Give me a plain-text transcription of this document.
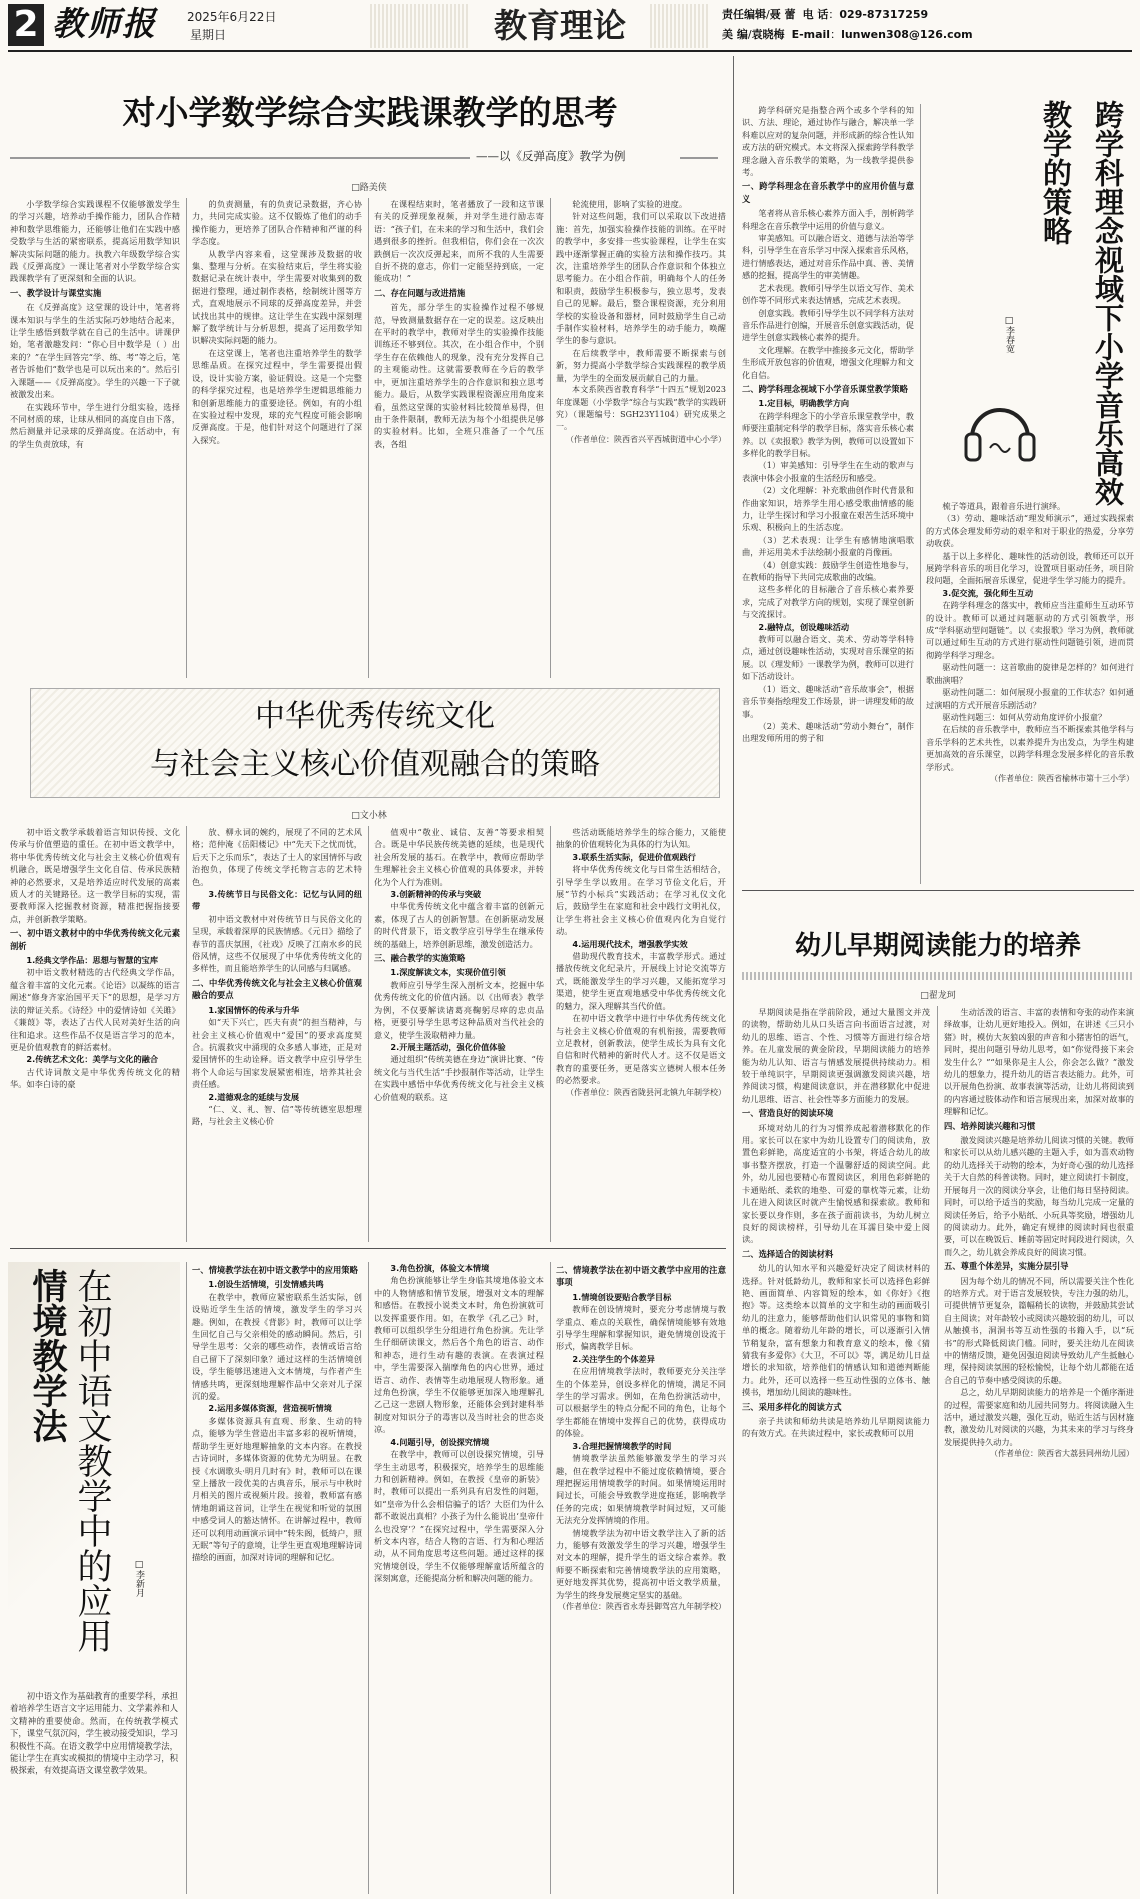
2 教师报	2025年6月22日
星期日	教育理论	责任编辑/聂 蕾 电 话：029-87317259
美 编/袁晓梅 E-mail：lunwen308@126.com
对小学数学综合实践课教学的思考
——以《反弹高度》教学为例
□路美侠

小学数学综合实践课程不仅能够激发学生的学习兴趣，培养动手操作能力，团队合作精神和数学思维能力，还能够让他们在实践中感受数学与生活的紧密联系，提高运用数学知识解决实际问题的能力。执教六年级数学综合实践《反弹高度》一课让笔者对小学数学综合实践课教学有了更深刻和全面的认识。

一、教学设计与课堂实施

在《反弹高度》这堂课的设计中，笔者将课本知识与学生的生活实际巧妙地结合起来，让学生感悟到数学就在自己的生活中。讲课伊始，笔者激趣发问：“你心目中数学是（ ）出来的？”在学生回答完“学、练、考”等之后，笔者告诉他们“数学也是可以玩出来的”。然后引入课题——《反弹高度》。学生的兴趣一下子就被激发出来。

在实践环节中，学生进行分组实验，选择不同材质的球，让球从相同的高度自由下落，然后测量并记录球的反弹高度。在活动中，有的学生负责放球，有

的负责测量，有的负责记录数据，齐心协力，共同完成实验。这不仅锻炼了他们的动手操作能力，更培养了团队合作精神和严谨的科学态度。

从教学内容来看，这堂课涉及数据的收集、整理与分析。在实验结束后，学生将实验数据记录在统计表中，学生需要对收集到的数据进行整理，通过制作表格，绘制统计图等方式，直观地展示不同球的反弹高度差异，并尝试找出其中的规律。这让学生在实践中深刻理解了数学统计与分析思想，提高了运用数学知识解决实际问题的能力。

在这堂课上，笔者也注重培养学生的数学思维品质。在探究过程中，学生需要提出假设，设计实验方案，验证假设。这是一个完整的科学探究过程，也是培养学生逻辑思维能力和创新思维能力的重要途径。例如，有的小组在实验过程中发现，球的充气程度可能会影响反弹高度。于是，他们针对这个问题进行了深入探究。

在课程结束时，笔者播放了一段和这节课有关的反弹现象视频，并对学生进行励志寄语：“孩子们，在未来的学习和生活中，我们会遇到很多的挫折。但我相信，你们会在一次次跌倒后一次次反弹起来，而所不我的人生需要自折不挠的意志，你们一定能坚持到底，一定能成功！”

二、存在问题与改进措施

首先，部分学生的实验操作过程不够规范，导致测量数据存在一定的误差。这反映出在平时的教学中，教师对学生的实验操作技能训练还不够到位。其次，在小组合作中，个别学生存在依赖他人的现象，没有充分发挥自己的主观能动性。这就需要教师在今后的教学中，更加注重培养学生的合作意识和独立思考能力。最后，从数学实践课程资源应用角度来看，虽然这堂课的实验材料比较简单易得，但由于条件限制，教师无法为每个小组提供足够的实验材料。比如，全班只准备了一个气压表，各组

轮流使用，影响了实验的进度。

针对这些问题，我们可以采取以下改进措施：首先，加强实验操作技能的训练。在平时的教学中，多安排一些实验课程，让学生在实践中逐渐掌握正确的实验方法和操作技巧。其次，注重培养学生的团队合作意识和个体独立思考能力。在小组合作前，明确每个人的任务和职责，鼓励学生积极参与，独立思考，发表自己的见解。最后，整合课程资源，充分利用学校的实验设备和器材，同时鼓励学生自己动手制作实验材料，培养学生的动手能力，唤醒学生的参与意识。

在后续教学中，教师需要不断探索与创新，努力提高小学数学综合实践课程的教学质量，为学生的全面发展贡献自己的力量。

本文系陕西省教育科学“十四五”规划2023年度课题（小学数学“综合与实践”教学的实践研究）（课题编号：SGH23Y1104）研究成果之一。

（作者单位：陕西省兴平西城街道中心小学）

中华优秀传统文化
与社会主义核心价值观融合的策略
□文小林

初中语文教学承载着语言知识传授、文化传承与价值塑造的重任。在初中语文教学中，将中华优秀传统文化与社会主义核心价值观有机融合，既是增强学生文化自信、传承民族精神的必然要求，又是培养适应时代发展的高素质人才的关键路径。这一教学目标的实现，需要教师深入挖掘教材资源，精准把握指接要点，并创新教学策略。

一、初中语文教材中的中华优秀传统文化元素剖析

1.经典文学作品：思想与智慧的宝库

初中语文教材精选的古代经典文学作品，蕴含着丰富的文化元素。《论语》以凝练的语言阐述“修身齐家治国平天下”的思想，是学习方法的辩证关系。《诗经》中的爱情诗如《关雎》《蒹葭》等，表达了古代人民对美好生活的向往和追求。这些作品不仅是语言学习的范本，更是价值观教育的鲜活素材。

2.传统艺术文化：美学与文化的融合

古代诗词散文是中华优秀传统文化的精华。如李白诗的豪

放、柳永词的婉约，展现了不同的艺术风格；范仲淹《岳阳楼记》中“先天下之忧而忧，后天下之乐而乐”，表达了士人的家国情怀与政治抱负，体现了传统文学托物言志的艺术特色。

3.传统节日与民俗文化：记忆与认同的纽带

初中语文教材中对传统节日与民俗文化的呈现，承载着深厚的民族情感。《元日》描绘了春节的喜庆氛围，《社戏》反映了江南水乡的民俗风情，这些不仅展现了中华优秀传统文化的多样性，而且能培养学生的认同感与归属感。

二、中华优秀传统文化与社会主义核心价值观融合的要点

1.家国情怀的传承与升华

如“天下兴亡，匹夫有责”的担当精神，与社会主义核心价值观中“爱国”的要求高度契合。抗震救灾中涌现的众多感人事迹，正是对爱国情怀的生动诠释。语文教学中应引导学生将个人命运与国家发展紧密相连，培养其社会责任感。

2.道德观念的延续与发展

“仁、义、礼、智、信”等传统德室思想理路，与社会主义核心价

值观中“敬业、诚信、友善”等要求相契合。既是中华民族传统美德的延续，也是现代社会所发展的基石。在教学中，教师应帮助学生理解社会主义核心价值观的具体要求，并转化为个人行为准则。

3.创新精神的传承与突破

中华优秀传统文化中蕴含着丰富的创新元素，体现了古人的创新智慧。在创新驱动发展的时代背景下，语文教学应引导学生在继承传统的基础上，培养创新思维，激发创造活力。

三、融合教学的实施策略

1.深度解读文本，实现价值引领

教师应引导学生深入剖析文本，挖掘中华优秀传统文化的价值内涵。以《出师表》教学为例，不仅要解读诸葛亮鞠躬尽瘁的忠贞品格，更要引导学生思考这种品质对当代社会的意义，使学生汲取精神力量。

2.开展主题活动，强化价值体验

通过组织“传统美德在身边”演讲比赛、“传统文化与当代生活”手抄报制作等活动，让学生在实践中感悟中华优秀传统文化与社会主义核心价值观的联系。这

些活动既能培养学生的综合能力，又能使抽象的价值观转化为具体的行为认知。

3.联系生活实际，促进价值观践行

将中华优秀传统文化与日常生活相结合，引导学生学以致用。在学习节俭文化后，开展“节约小标兵”实践活动；在学习礼仪文化后，鼓励学生在家庭和社会中践行文明礼仪，让学生将社会主义核心价值观内化为自觉行动。

4.运用现代技术，增强教学实效

借助现代教育技术，丰富教学形式。通过播放传统文化纪录片，开展线上讨论交流等方式，既能激发学生的学习兴趣，又能拓宽学习渠道，使学生更直观地感受中华优秀传统文化的魅力，深入理解其当代价值。

在初中语文教学中进行中华优秀传统文化与社会主义核心价值观的有机衔接，需要教师立足教材，创新教法，使学生成长为具有文化自信和时代精神的新时代人才。这不仅是语文教育的重要任务，更是落实立德树人根本任务的必然要求。

（作者单位：陕西省陇县河北镇九年制学校）

情境教学法 在初中语文教学中的应用	□李新月

初中语文作为基础教育的重要学科，承担着培养学生语言文字运用能力、文学素养和人文精神的重要使命。然而，在传统教学模式下，课堂气氛沉闷，学生被动接受知识，学习积极性不高。在语文教学中应用情境教学法，能让学生在真实或模拟的情境中主动学习，积极探索，有效提高语文课堂教学效果。

一、情境教学法在初中语文教学中的应用策略

1.创设生活情境，引发情感共鸣

在教学中，教师应紧密联系生活实际，创设贴近学生生活的情境，激发学生的学习兴趣。例如，在教授《背影》时，教师可以让学生回忆自己与父亲相处的感动瞬间。然后，引导学生思考：父亲的哪些动作，表情或语言给自己留下了深刻印象？通过这样的生活情境创设，学生能够迅速进入文本情境，与作者产生情感共鸣，更深刻地理解作品中父亲对儿子深沉的爱。

2.运用多媒体资源，营造视听情境

多媒体资源具有直观、形象、生动的特点，能够为学生营造出丰富多彩的视听情境，帮助学生更好地理解抽象的文本内容。在教授古诗词时，多媒体资源的优势尤为明显。在教授《水调歌头·明月几时有》时，教师可以在课堂上播放一段优美的古典音乐，展示与中秋时月相关的图片或视频片段。接着，教师富有感情地朗诵这首词，让学生在视觉和听觉的氛围中感受词人的豁达情怀。在讲解过程中，教师还可以利用动画演示词中“转朱阁，低绮户，照无眠”等句子的意境，让学生更直观地理解诗词描绘的画面，加深对诗词的理解和记忆。

3.角色扮演，体验文本情境

角色扮演能够让学生身临其境地体验文本中的人物情感和情节发展，增强对文本的理解和感悟。在教授小说类文本时，角色扮演就可以发挥重要作用。如，在教学《孔乙己》时，教师可以组织学生分组进行角色扮演。先让学生仔细研读课文，然后各个角色的语言、动作和神态，进行生动有趣的表演。在表演过程中，学生需要深入揣摩角色的内心世界，通过语言、动作、表情等生动地展现人物形象。通过角色扮演，学生不仅能够更加深入地理解孔乙己这一悲剧人物形象，还能体会到封建科举制度对知识分子的毒害以及当时社会的世态炎凉。

4.问题引导，创设探究情境

在教学中，教师可以创设探究情境，引导学生主动思考，积极探究，培养学生的思维能力和创新精神。例如，在教授《皇帝的新装》时，教师可以提出一系列具有启发性的问题，如“皇帝为什么会相信骗子的话？大臣们为什么都不敢说出真相？小孩子为什么能说出‘皇帝什么也没穿’？”在探究过程中，学生需要深入分析文本内容，结合人物的言语、行为和心理活动，从不同角度思考这些问题。通过这样的探究情境创设，学生不仅能够理解童话所蕴含的深刻寓意，还能提高分析和解决问题的能力。

二、情境教学法在初中语文教学中应用的注意事项

1.情境创设要贴合教学目标

教师在创设情境时，要充分考虑情境与教学重点、难点的关联性，确保情境能够有效地引导学生理解和掌握知识，避免情境创设流于形式，偏离教学目标。

2.关注学生的个体差异

在应用情境教学法时，教师要充分关注学生的个体差异，创设多样化的情境，满足不同学生的学习需求。例如，在角色扮演活动中，可以根据学生的特点分配不同的角色，让每个学生都能在情境中发挥自己的优势，获得成功的体验。

3.合理把握情境教学的时间

情境教学法虽然能够激发学生的学习兴趣，但在教学过程中不能过度依赖情境，要合理把握运用情境教学的时间。如果情境运用时间过长，可能会导致教学进度拖延，影响教学任务的完成；如果情境教学时间过短，又可能无法充分发挥情境的作用。

情境教学法为初中语文教学注入了新的活力，能够有效激发学生的学习兴趣，增强学生对文本的理解，提升学生的语文综合素养。教师要不断探索和完善情境教学法的应用策略，更好地发挥其优势，提高初中语文教学质量，为学生的终身发展奠定坚实的基础。

（作者单位：陕西省永寿县御驾宫九年制学校）

跨学科研究是指整合两个或多个学科的知识、方法、理论，通过协作与融合，解决单一学科难以应对的复杂问题，并形成新的综合性认知或方法的研究模式。本文将深入探索跨学科教学理念融入音乐教学的策略，为一线教学提供参考。

一、跨学科理念在音乐教学中的应用价值与意义

笔者将从音乐核心素养方面入手，剖析跨学科理念在音乐教学中运用的价值与意义。

审美感知。可以融合语文、道德与法治等学科，引导学生在音乐学习中深入探索音乐风格，进行情感表达，通过对音乐作品中真、善、美情感的挖掘，提高学生的审美情趣。

艺术表现。教师引导学生以语文写作、美术创作等不同形式来表达情感，完成艺术表现。

创意实践。教师引导学生以不同学科方法对音乐作品进行创编，开展音乐创意实践活动，促进学生创意实践核心素养的提升。

文化理解。在教学中推接多元文化，帮助学生形成开放包容的价值观，增强文化理解力和文化自信。

二、跨学科理念视域下小学音乐课堂教学策略

1.定目标，明确教学方向

在跨学科理念下的小学音乐课堂教学中，教师要注重制定科学的教学目标，落实音乐核心素养。以《卖报歌》教学为例，教师可以设置如下多样化的教学目标。

（1）审美感知：引导学生在生动的歌声与表演中体会小报童的生活经历和感受。

（2）文化理解：补充歌曲创作时代背景和作曲家知识，培养学生用心感受歌曲情感的能力，让学生探讨和学习小报童在艰苦生活环境中乐观、积极向上的生活态度。

（3）艺术表现：让学生有感情地演唱歌曲，并运用美术手法绘制小报童的肖像画。

（4）创意实践：鼓励学生创造性地参与，在教师的指导下共同完成歌曲的改编。

这些多样化的目标融合了音乐核心素养要求，完成了对教学方向的规划，实现了课堂创新与交流探讨。

2.融特点，创设趣味活动

教师可以融合语文、美术、劳动等学科特点，通过创设趣味性活动，实现对音乐课堂的拓展。以《理发师》一课教学为例，教师可以进行如下活动设计。

（1）语文、趣味活动“音乐故事会”，根据音乐节奏指绘理发工作场景，讲一讲理发师的故事。

（2）美术、趣味活动“劳动小舞台”，制作出理发师所用的剪子和

跨学科理念视域下小学音乐高效教学的策略
□李春宽

梳子等道具，跟着音乐进行演绎。

（3）劳动、趣味活动“理发师演示”，通过实践探索的方式体会理发师劳动的艰辛和对于职业的热爱，分享劳动收获。

基于以上多样化、趣味性的活动创设，教师还可以开展跨学科音乐的项目化学习，设置项目驱动任务，项目阶段问题，全面拓展音乐课堂，促进学生学习能力的提升。

3.促交流，强化师生互动

在跨学科理念的落实中，教师应当注重师生互动环节的设计。教师可以通过问题驱动的方式引领教学，形成“学科驱动型问题链”。以《卖报歌》学习为例，教师就可以通过师生互动的方式进行驱动性问题链引领，进而贯彻跨学科学习理念。

驱动性问题一：这首歌曲的旋律是怎样的？如何进行歌曲演唱？

驱动性问题二：如何展现小报童的工作状态？如何通过演唱的方式开展音乐剧活动？

驱动性问题三：如何从劳动角度评价小报童？

在后续的音乐教学中，教师应当不断探索其他学科与音乐学科的艺术共性，以素养提升为出发点，为学生构建更加高效的音乐课堂，以跨学科理念发展多样化的音乐教学形式。

（作者单位：陕西省榆林市第十三小学）

幼儿早期阅读能力的培养
□翟龙珂

早期阅读是指在学前阶段，通过大量图文并茂的读物，帮助幼儿从口头语言向书面语言过渡，对幼儿的思维、语言、个性、习惯等方面进行综合培养。在儿童发展的黄金阶段，早期阅读能力的培养能为幼儿认知、语言与情感发展提供持续动力。相较于单纯识字，早期阅读更强调激发阅读兴趣，培养阅读习惯，构建阅读意识，并在潜移默化中促进幼儿思维、语言、社会性等多方面能力的发展。

一、营造良好的阅读环境

环境对幼儿的行为习惯养成起着潜移默化的作用。家长可以在家中为幼儿设置专门的阅读角，放置色彩鲜艳，高度适宜的小书架，将适合幼儿的故事书整齐摆放，打造一个温馨舒适的阅读空间。此外，幼儿园也要精心布置阅读区，利用色彩鲜艳的卡通贴纸、柔软的地垫、可爱的靠枕等元素，让幼儿在进入阅读区时就产生愉悦感和探索欲。教师和家长要以身作则，多在孩子面前读书，为幼儿树立良好的阅读榜样，引导幼儿在耳濡目染中爱上阅读。

二、选择适合的阅读材料

幼儿的认知水平和兴趣爱好决定了阅读材料的选择。针对低龄幼儿，教师和家长可以选择色彩鲜艳、画面简单、内容简短的绘本，如《你好》《抱抱》等。这类绘本以简单的文字和生动的画面吸引幼儿的注意力，能够帮助他们认识常见的事物和简单的概念。随着幼儿年龄的增长，可以逐渐引入情节稍复杂，富有想象力和教育意义的绘本，像《猜猜我有多爱你》《大卫，不可以》等，满足幼儿日益增长的求知欲，培养他们的情感认知和道德判断能力。此外，还可以选择一些互动性强的立体书、触摸书，增加幼儿阅读的趣味性。

三、采用多样化的阅读方式

亲子共读和师幼共读是培养幼儿早期阅读能力的有效方式。在共读过程中，家长或教师可以用

生动活泼的语言、丰富的表情和夸张的动作来演绎故事，让幼儿更好地投入。例如，在讲述《三只小猪》时，模仿大灰狼凶狠的声音和小猪害怕的语气，同时，提出问题引导幼儿思考，如“你觉得接下来会发生什么？”“如果你是主人公，你会怎么做？”激发幼儿的想象力，提升幼儿的语言表达能力。此外，可以开展角色扮演、故事表演等活动，让幼儿将阅读到的内容通过肢体动作和语言展现出来，加深对故事的理解和记忆。

四、培养阅读兴趣和习惯

激发阅读兴趣是培养幼儿阅读习惯的关键。教师和家长可以从幼儿感兴趣的主题入手，如为喜欢动物的幼儿选择关于动物的绘本，为好奇心强的幼儿选择关于大自然的科普读物。同时，建立阅读打卡制度，开展每月一次的阅读分享会，让他们每日坚持阅读。同时，可以给予适当的奖励，每当幼儿完成一定量的阅读任务后，给予小贴纸、小玩具等奖励，增强幼儿的阅读动力。此外，确定有规律的阅读时间也很重要，可以在晚饭后、睡前等固定时间段进行阅读，久而久之，幼儿就会养成良好的阅读习惯。

五、尊重个体差异，实施分层引导

因为每个幼儿的情况不同，所以需要关注个性化的培养方式。对于语言发展较快，专注力强的幼儿，可提供情节更复杂，篇幅稍长的读物，并鼓励其尝试自主阅读；对年龄较小或阅读兴趣较弱的幼儿，可以从触摸书，洞洞书等互动性强的书籍入手，以“玩书”的形式降低阅读门槛。同时，要关注幼儿在阅读中的情绪反馈，避免因强迫阅读导致幼儿产生抵触心理，保持阅读氛围的轻松愉悦，让每个幼儿都能在适合自己的节奏中感受阅读的乐趣。

总之，幼儿早期阅读能力的培养是一个循序渐进的过程，需要家庭和幼儿园共同努力。将阅读融入生活中，通过激发兴趣，强化互动，贴近生活与因材施教，激发幼儿对阅读的兴趣，为其未来的学习与终身发展提供持久动力。

（作者单位：陕西省大荔县同州幼儿园）
